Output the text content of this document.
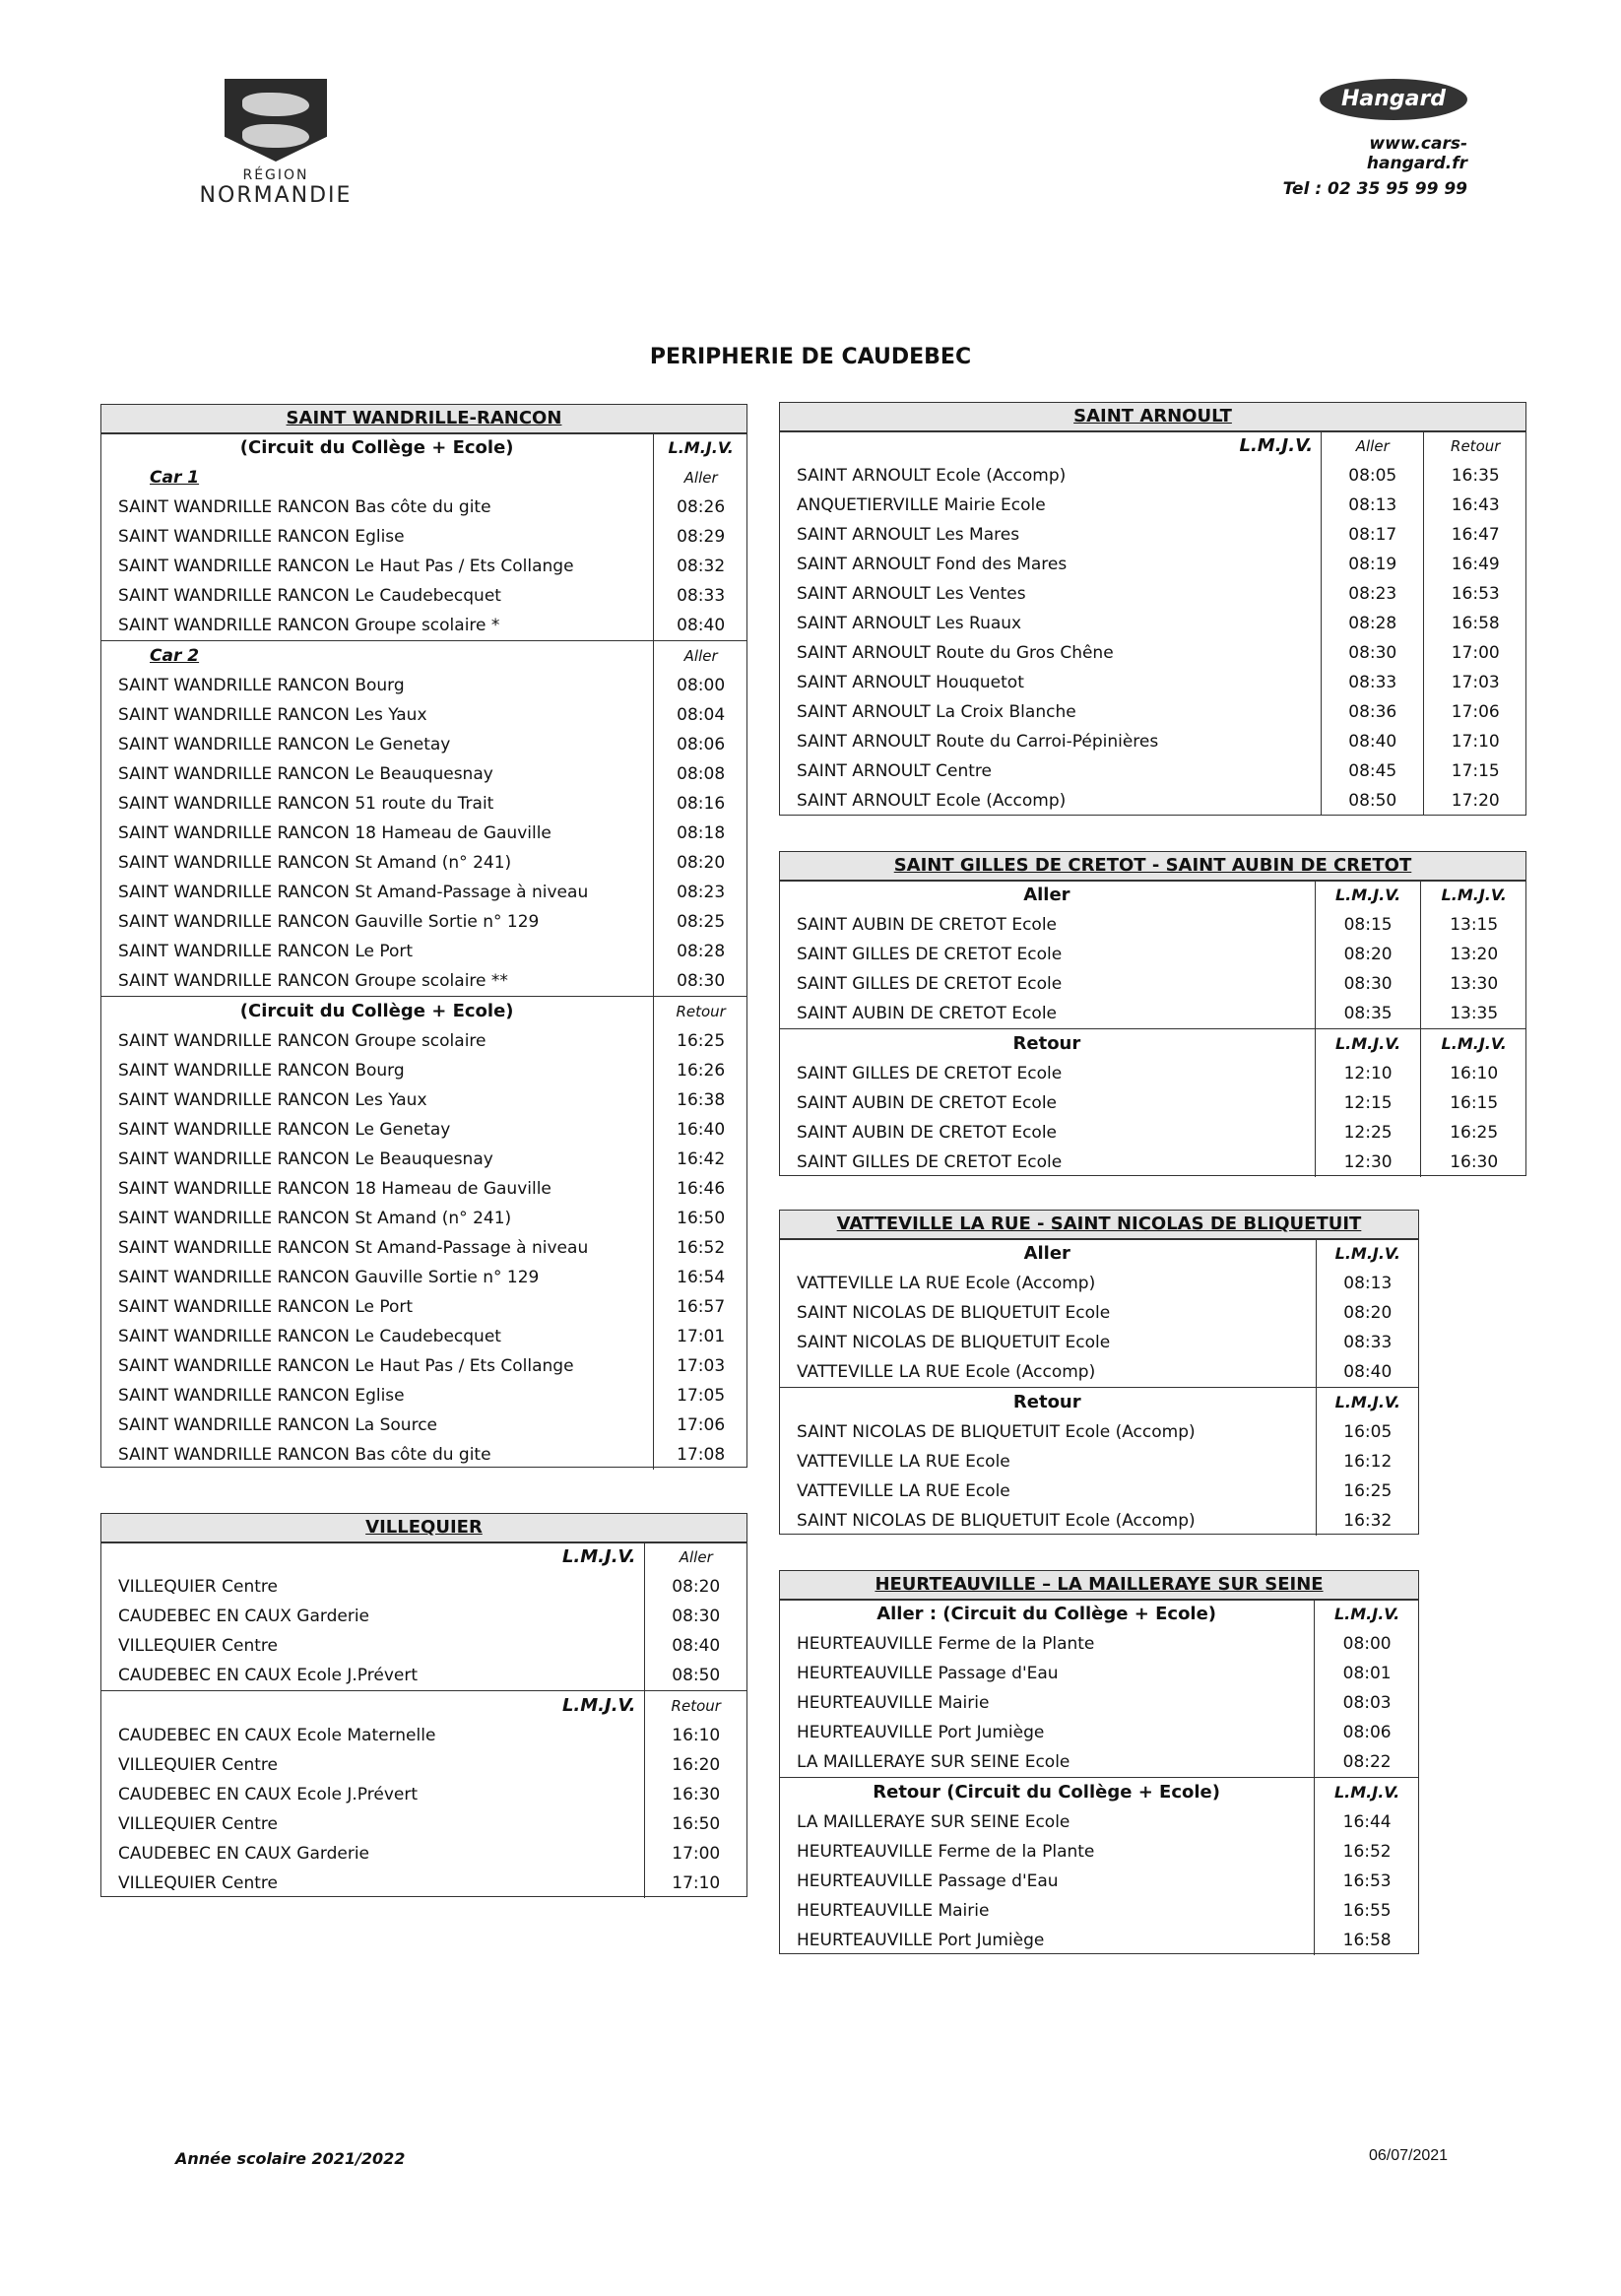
RÉGION
NORMANDIE
Hangard
www.cars-hangard.fr
Tel : 02 35 95 99 99
PERIPHERIE DE CAUDEBEC
SAINT WANDRILLE-RANCON	
(Circuit du Collège + Ecole)	L.M.J.V.
Car 1	Aller
SAINT WANDRILLE RANCON Bas côte du gite	08:26
SAINT WANDRILLE RANCON Eglise	08:29
SAINT WANDRILLE RANCON Le Haut Pas / Ets Collange	08:32
SAINT WANDRILLE RANCON Le Caudebecquet	08:33
SAINT WANDRILLE RANCON Groupe scolaire *	08:40
Car 2	Aller
SAINT WANDRILLE RANCON Bourg	08:00
SAINT WANDRILLE RANCON Les Yaux	08:04
SAINT WANDRILLE RANCON Le Genetay	08:06
SAINT WANDRILLE RANCON Le Beauquesnay	08:08
SAINT WANDRILLE RANCON 51 route du Trait	08:16
SAINT WANDRILLE RANCON 18 Hameau de Gauville	08:18
SAINT WANDRILLE RANCON St Amand (n° 241)	08:20
SAINT WANDRILLE RANCON St Amand-Passage à niveau	08:23
SAINT WANDRILLE RANCON Gauville Sortie n° 129	08:25
SAINT WANDRILLE RANCON Le Port	08:28
SAINT WANDRILLE RANCON Groupe scolaire **	08:30
(Circuit du Collège + Ecole)	Retour
SAINT WANDRILLE RANCON Groupe scolaire	16:25
SAINT WANDRILLE RANCON Bourg	16:26
SAINT WANDRILLE RANCON Les Yaux	16:38
SAINT WANDRILLE RANCON Le Genetay	16:40
SAINT WANDRILLE RANCON Le Beauquesnay	16:42
SAINT WANDRILLE RANCON 18 Hameau de Gauville	16:46
SAINT WANDRILLE RANCON St Amand (n° 241)	16:50
SAINT WANDRILLE RANCON St Amand-Passage à niveau	16:52
SAINT WANDRILLE RANCON Gauville Sortie n° 129	16:54
SAINT WANDRILLE RANCON Le Port	16:57
SAINT WANDRILLE RANCON Le Caudebecquet	17:01
SAINT WANDRILLE RANCON Le Haut Pas / Ets Collange	17:03
SAINT WANDRILLE RANCON Eglise	17:05
SAINT WANDRILLE RANCON La Source	17:06
SAINT WANDRILLE RANCON Bas côte du gite	17:08
VILLEQUIER	
L.M.J.V.	Aller
VILLEQUIER Centre	08:20
CAUDEBEC EN CAUX Garderie	08:30
VILLEQUIER Centre	08:40
CAUDEBEC EN CAUX Ecole J.Prévert	08:50
L.M.J.V.	Retour
CAUDEBEC EN CAUX Ecole Maternelle	16:10
VILLEQUIER Centre	16:20
CAUDEBEC EN CAUX Ecole J.Prévert	16:30
VILLEQUIER Centre	16:50
CAUDEBEC EN CAUX Garderie	17:00
VILLEQUIER Centre	17:10
SAINT ARNOULT		
L.M.J.V.	Aller	Retour
SAINT ARNOULT Ecole (Accomp)	08:05	16:35
ANQUETIERVILLE Mairie Ecole	08:13	16:43
SAINT ARNOULT Les Mares	08:17	16:47
SAINT ARNOULT Fond des Mares	08:19	16:49
SAINT ARNOULT Les Ventes	08:23	16:53
SAINT ARNOULT Les Ruaux	08:28	16:58
SAINT ARNOULT Route du Gros Chêne	08:30	17:00
SAINT ARNOULT Houquetot	08:33	17:03
SAINT ARNOULT La Croix Blanche	08:36	17:06
SAINT ARNOULT Route du Carroi-Pépinières	08:40	17:10
SAINT ARNOULT Centre	08:45	17:15
SAINT ARNOULT Ecole (Accomp)	08:50	17:20
SAINT GILLES DE CRETOT - SAINT AUBIN DE CRETOT		
Aller	L.M.J.V.	L.M.J.V.
SAINT AUBIN DE CRETOT Ecole	08:15	13:15
SAINT GILLES DE CRETOT Ecole	08:20	13:20
SAINT GILLES DE CRETOT Ecole	08:30	13:30
SAINT AUBIN DE CRETOT Ecole	08:35	13:35
Retour	L.M.J.V.	L.M.J.V.
SAINT GILLES DE CRETOT Ecole	12:10	16:10
SAINT AUBIN DE CRETOT Ecole	12:15	16:15
SAINT AUBIN DE CRETOT Ecole	12:25	16:25
SAINT GILLES DE CRETOT Ecole	12:30	16:30
VATTEVILLE LA RUE - SAINT NICOLAS DE BLIQUETUIT	
Aller	L.M.J.V.
VATTEVILLE LA RUE Ecole (Accomp)	08:13
SAINT NICOLAS DE BLIQUETUIT Ecole	08:20
SAINT NICOLAS DE BLIQUETUIT Ecole	08:33
VATTEVILLE LA RUE Ecole (Accomp)	08:40
Retour	L.M.J.V.
SAINT NICOLAS DE BLIQUETUIT Ecole (Accomp)	16:05
VATTEVILLE LA RUE Ecole	16:12
VATTEVILLE LA RUE Ecole	16:25
SAINT NICOLAS DE BLIQUETUIT Ecole (Accomp)	16:32
HEURTEAUVILLE – LA MAILLERAYE SUR SEINE	
Aller : (Circuit du Collège + Ecole)	L.M.J.V.
HEURTEAUVILLE Ferme de la Plante	08:00
HEURTEAUVILLE Passage d'Eau	08:01
HEURTEAUVILLE Mairie	08:03
HEURTEAUVILLE Port Jumiège	08:06
LA MAILLERAYE SUR SEINE Ecole	08:22
Retour (Circuit du Collège + Ecole)	L.M.J.V.
LA MAILLERAYE SUR SEINE Ecole	16:44
HEURTEAUVILLE Ferme de la Plante	16:52
HEURTEAUVILLE Passage d'Eau	16:53
HEURTEAUVILLE Mairie	16:55
HEURTEAUVILLE Port Jumiège	16:58
Année scolaire 2021/2022	06/07/2021
